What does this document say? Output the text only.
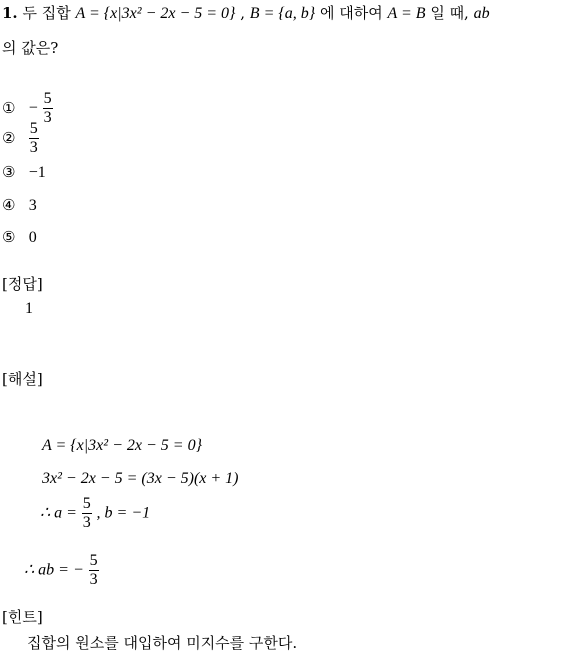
1. 두 집합 A = {x|3x² − 2x − 5 = 0} , B = {a, b} 에 대하여 A = B 일 때, ab
의 값은?
① − $\frac{5}{3}$
② $\frac{5}{3}$
③ −1
④ 3
⑤ 0
[정답]
1
[해설]
A = {x|3x² − 2x − 5 = 0}
3x² − 2x − 5 = (3x − 5)(x + 1)
∴ $a = \frac{5}{3}$ , b = −1
∴ ab = − $\frac{5}{3}$
[힌트]
집합의 원소를 대입하여 미지수를 구한다.
